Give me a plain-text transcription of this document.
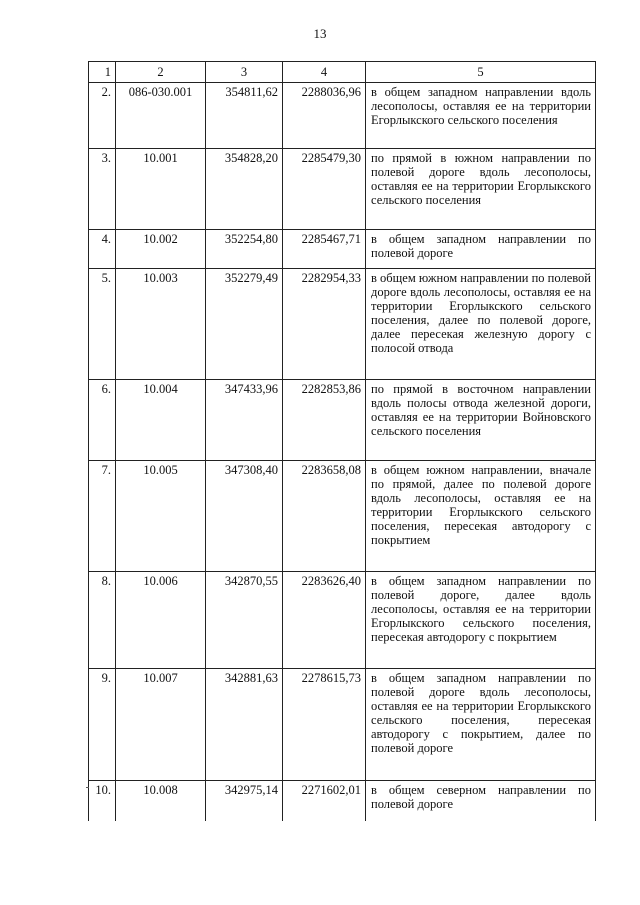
13
1	2	3	4	5
2.	086-030.001	354811,62	2288036,96	в общем западном направлении вдоль лесополосы, оставляя ее на территории Егорлыкского сельского поселения
3.	10.001	354828,20	2285479,30	по прямой в южном направлении по полевой дороге вдоль лесополосы, оставляя ее на территории Егорлыкского сельского поселения
4.	10.002	352254,80	2285467,71	в общем западном направлении по полевой дороге
5.	10.003	352279,49	2282954,33	в общем южном направлении по полевой дороге вдоль лесополосы, оставляя ее на территории Егорлыкского сельского поселения, далее по полевой дороге, далее пересекая железную дорогу с полосой отвода
6.	10.004	347433,96	2282853,86	по прямой в восточном направлении вдоль полосы отвода железной дороги, оставляя ее на территории Войновского сельского поселения
7.	10.005	347308,40	2283658,08	в общем южном направлении, вначале по прямой, далее по полевой дороге вдоль лесополосы, оставляя ее на территории Егорлыкского сельского поселения, пересекая автодорогу с покрытием
8.	10.006	342870,55	2283626,40	в общем западном направлении по полевой дороге, далее вдоль лесополосы, оставляя ее на территории Егорлыкского сельского поселения, пересекая автодорогу с покрытием
9.	10.007	342881,63	2278615,73	в общем западном направлении по полевой дороге вдоль лесополосы, оставляя ее на территории Егорлыкского сельского поселения, пересекая автодорогу с покрытием, далее по полевой дороге
10.	10.008	342975,14	2271602,01	в общем северном направлении по полевой дороге
